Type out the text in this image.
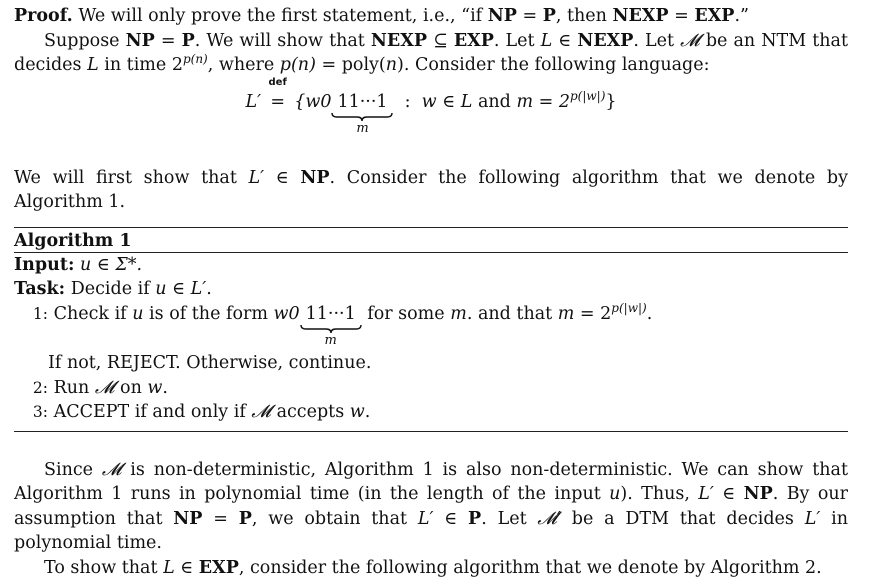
Proof. We will only prove the first statement, i.e., “if NP = P, then NEXP = EXP.”

Suppose NP = P. We will show that NEXP ⊆ EXP. Let L ∈ NEXP. Let 𝓜 be an NTM that decides L in time $2^{p(n)}$, where p(n) = poly(n). Consider the following language:

L′
def
= {w0 11···1
m
: w ∈ L and $m = 2^{p(|w|)}$}

We will first show that L′ ∈ NP. Consider the following algorithm that we denote by Algorithm 1.

Algorithm 1

Input: u ∈ Σ*.

Task: Decide if u ∈ L′.

1: Check if u is of the form w0 11···1
m
for some m. and that $m = 2^{p(|w|)}$.

If not, REJECT. Otherwise, continue.

2: Run 𝓜 on w.

3: ACCEPT if and only if 𝓜 accepts w.

Since 𝓜 is non-deterministic, Algorithm 1 is also non-deterministic. We can show that Algorithm 1 runs in polynomial time (in the length of the input u). Thus, L′ ∈ NP. By our assumption that NP = P, we obtain that L′ ∈ P. Let 𝓜′ be a DTM that decides L′ in polynomial time.

To show that L ∈ EXP, consider the following algorithm that we denote by Algorithm 2.
